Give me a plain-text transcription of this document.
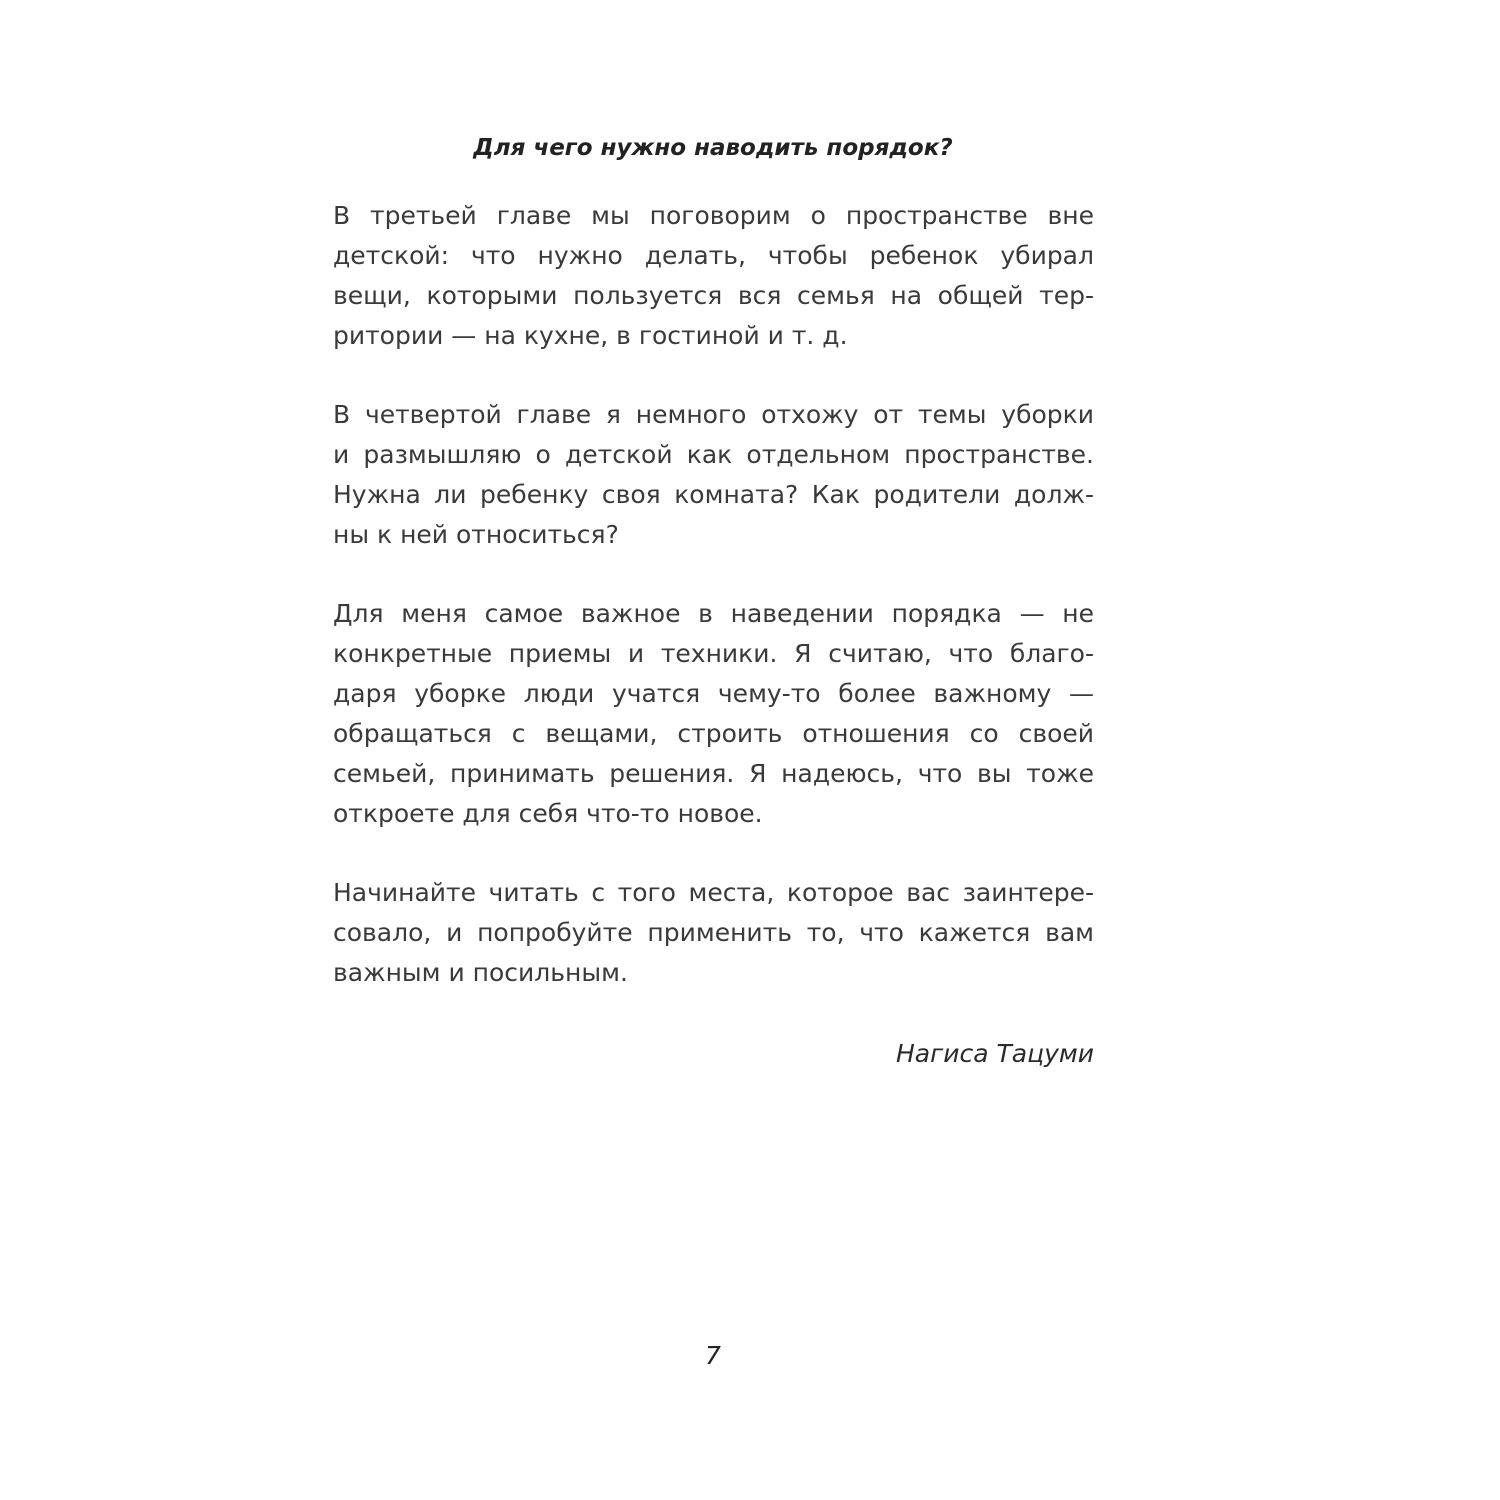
Для чего нужно наводить порядок?
В третьей главе мы поговорим о пространстве вне
детской: что нужно делать, чтобы ребенок убирал
вещи, которыми пользуется вся семья на общей тер-
ритории — на кухне, в гостиной и т. д.
В четвертой главе я немного отхожу от темы уборки
и размышляю о детской как отдельном пространстве.
Нужна ли ребенку своя комната? Как родители долж-
ны к ней относиться?
Для меня самое важное в наведении порядка — не
конкретные приемы и техники. Я считаю, что благо-
даря уборке люди учатся чему-то более важному —
обращаться с вещами, строить отношения со своей
семьей, принимать решения. Я надеюсь, что вы тоже
откроете для себя что-то новое.
Начинайте читать с того места, которое вас заинтере-
совало, и попробуйте применить то, что кажется вам
важным и посильным.
Нагиса Тацуми
7
